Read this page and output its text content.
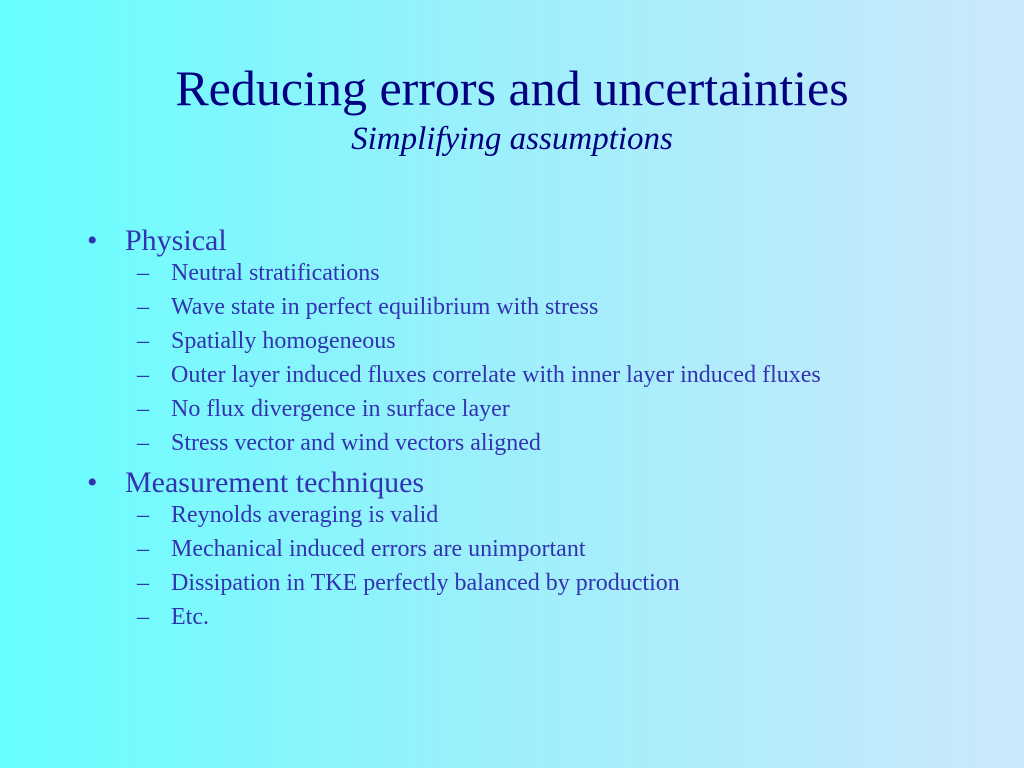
Reducing errors and uncertainties
Simplifying assumptions
• Physical
– Neutral stratifications
– Wave state in perfect equilibrium with stress
– Spatially homogeneous
– Outer layer induced fluxes correlate with inner layer induced fluxes
– No flux divergence in surface layer
– Stress vector and wind vectors aligned
• Measurement techniques
– Reynolds averaging is valid
– Mechanical induced errors are unimportant
– Dissipation in TKE perfectly balanced by production
– Etc.
